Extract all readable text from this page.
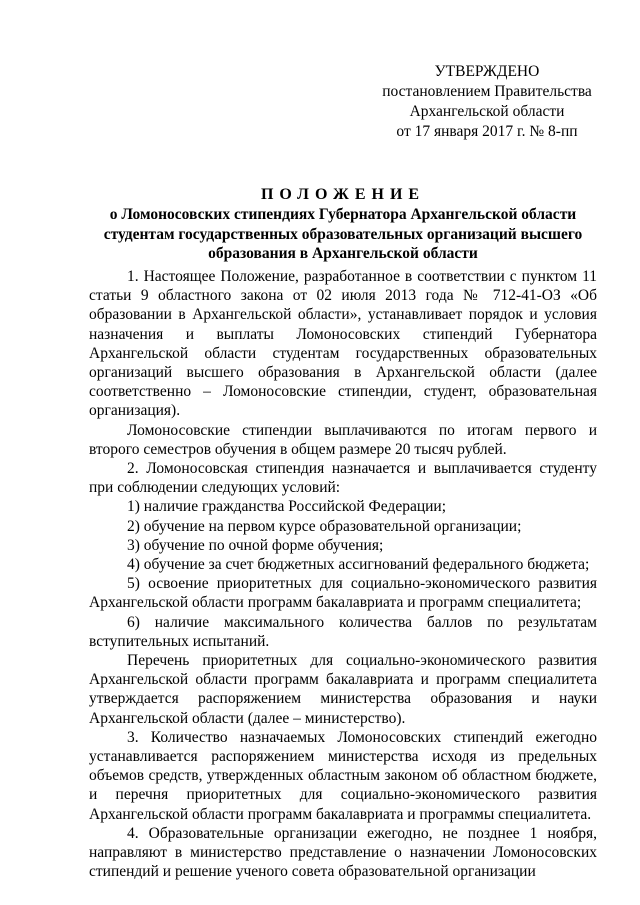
УТВЕРЖДЕНО
постановлением Правительства
Архангельской области
от 17 января 2017 г. № 8-пп
ПОЛОЖЕНИЕ
о Ломоносовских стипендиях Губернатора Архангельской области студентам государственных образовательных организаций высшего образования в Архангельской области

1. Настоящее Положение, разработанное в соответствии с пунктом 11 статьи 9 областного закона от 02 июля 2013 года № 712-41-ОЗ «Об образовании в Архангельской области», устанавливает порядок и условия назначения и выплаты Ломоносовских стипендий Губернатора Архангельской области студентам государственных образовательных организаций высшего образования в Архангельской области (далее соответственно – Ломоносовские стипендии, студент, образовательная организация).

Ломоносовские стипендии выплачиваются по итогам первого и второго семестров обучения в общем размере 20 тысяч рублей.

2. Ломоносовская стипендия назначается и выплачивается студенту при соблюдении следующих условий:

1) наличие гражданства Российской Федерации;

2) обучение на первом курсе образовательной организации;

3) обучение по очной форме обучения;

4) обучение за счет бюджетных ассигнований федерального бюджета;

5) освоение приоритетных для социально-экономического развития Архангельской области программ бакалавриата и программ специалитета;

6) наличие максимального количества баллов по результатам вступительных испытаний.

Перечень приоритетных для социально-экономического развития Архангельской области программ бакалавриата и программ специалитета утверждается распоряжением министерства образования и науки Архангельской области (далее – министерство).

3. Количество назначаемых Ломоносовских стипендий ежегодно устанавливается распоряжением министерства исходя из предельных объемов средств, утвержденных областным законом об областном бюджете, и перечня приоритетных для социально-экономического развития Архангельской области программ бакалавриата и программы специалитета.

4. Образовательные организации ежегодно, не позднее 1 ноября, направляют в министерство представление о назначении Ломоносовских стипендий и решение ученого совета образовательной организации
